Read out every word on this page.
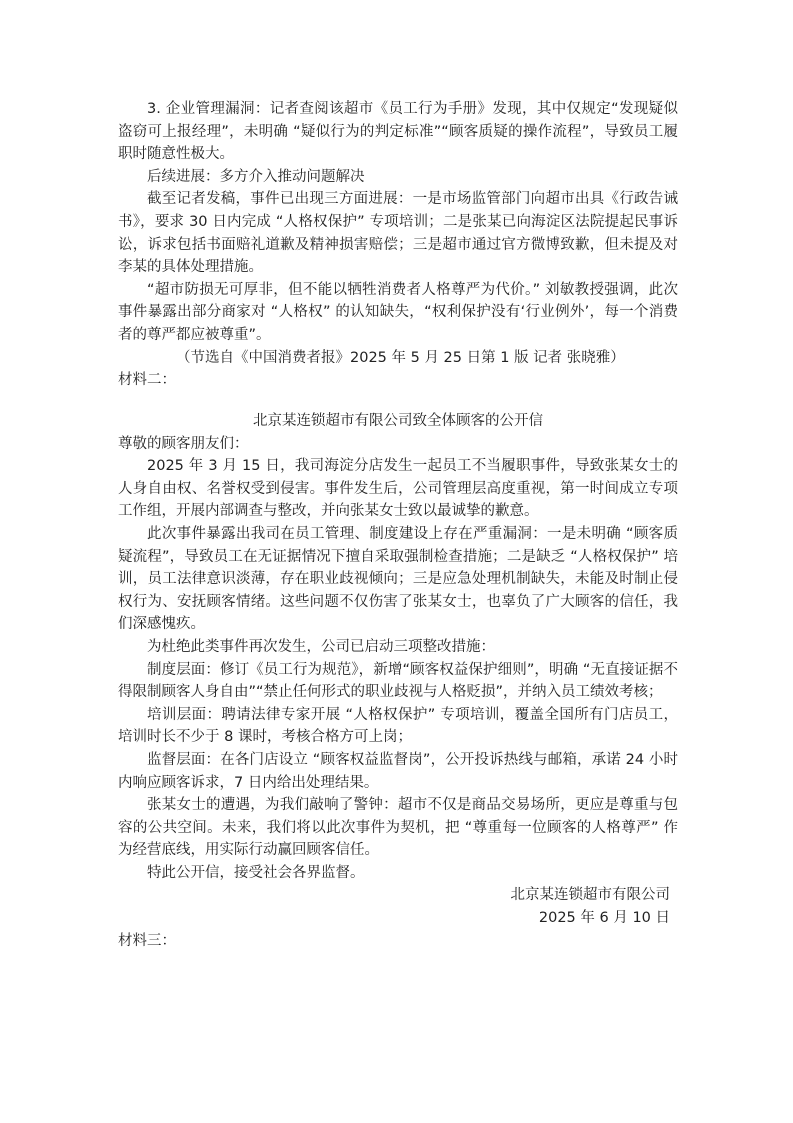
3. 企业管理漏洞：记者查阅该超市《员工行为手册》发现，其中仅规定“发现疑似盗窃可上报经理”，未明确 “疑似行为的判定标准”“顾客质疑的操作流程”，导致员工履职时随意性极大。

后续进展：多方介入推动问题解决

截至记者发稿，事件已出现三方面进展：一是市场监管部门向超市出具《行政告诫书》，要求 30 日内完成 “人格权保护” 专项培训；二是张某已向海淀区法院提起民事诉讼，诉求包括书面赔礼道歉及精神损害赔偿；三是超市通过官方微博致歉，但未提及对李某的具体处理措施。

“超市防损无可厚非，但不能以牺牲消费者人格尊严为代价。” 刘敏教授强调，此次事件暴露出部分商家对 “人格权” 的认知缺失，“权利保护没有‘行业例外’，每一个消费者的尊严都应被尊重”。

（节选自《中国消费者报》2025 年 5 月 25 日第 1 版 记者 张晓雅）

材料二：

北京某连锁超市有限公司致全体顾客的公开信

尊敬的顾客朋友们：

2025 年 3 月 15 日，我司海淀分店发生一起员工不当履职事件，导致张某女士的人身自由权、名誉权受到侵害。事件发生后，公司管理层高度重视，第一时间成立专项工作组，开展内部调查与整改，并向张某女士致以最诚挚的歉意。

此次事件暴露出我司在员工管理、制度建设上存在严重漏洞：一是未明确 “顾客质疑流程”，导致员工在无证据情况下擅自采取强制检查措施；二是缺乏 “人格权保护” 培训，员工法律意识淡薄，存在职业歧视倾向；三是应急处理机制缺失，未能及时制止侵权行为、安抚顾客情绪。这些问题不仅伤害了张某女士，也辜负了广大顾客的信任，我们深感愧疚。

为杜绝此类事件再次发生，公司已启动三项整改措施：

制度层面：修订《员工行为规范》，新增“顾客权益保护细则”，明确 “无直接证据不得限制顾客人身自由”“禁止任何形式的职业歧视与人格贬损”，并纳入员工绩效考核；

培训层面：聘请法律专家开展 “人格权保护” 专项培训，覆盖全国所有门店员工，培训时长不少于 8 课时，考核合格方可上岗；

监督层面：在各门店设立 “顾客权益监督岗”，公开投诉热线与邮箱，承诺 24 小时内响应顾客诉求，7 日内给出处理结果。

张某女士的遭遇，为我们敲响了警钟：超市不仅是商品交易场所，更应是尊重与包容的公共空间。未来，我们将以此次事件为契机，把 “尊重每一位顾客的人格尊严” 作为经营底线，用实际行动赢回顾客信任。

特此公开信，接受社会各界监督。

北京某连锁超市有限公司

2025 年 6 月 10 日

材料三：
